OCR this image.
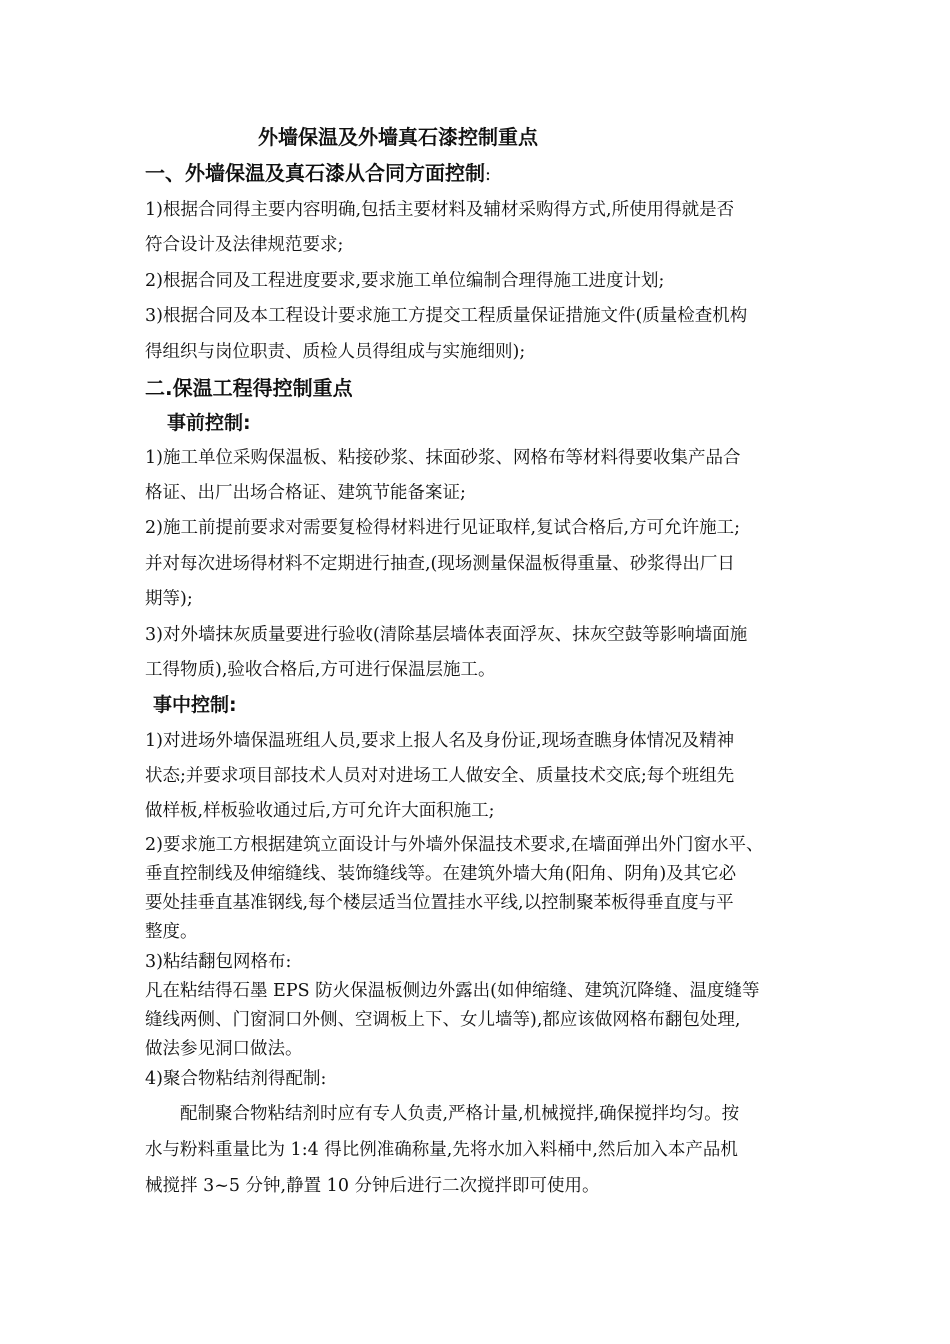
外墙保温及外墙真石漆控制重点
一、外墙保温及真石漆从合同方面控制:
1)根据合同得主要内容明确,包括主要材料及辅材采购得方式,所使用得就是否
符合设计及法律规范要求;
2)根据合同及工程进度要求,要求施工单位编制合理得施工进度计划;
3)根据合同及本工程设计要求施工方提交工程质量保证措施文件(质量检查机构
得组织与岗位职责、质检人员得组成与实施细则);
二.保温工程得控制重点
事前控制:
1)施工单位采购保温板、粘接砂浆、抹面砂浆、网格布等材料得要收集产品合
格证、出厂出场合格证、建筑节能备案证;
2)施工前提前要求对需要复检得材料进行见证取样,复试合格后,方可允许施工;
并对每次进场得材料不定期进行抽查,(现场测量保温板得重量、砂浆得出厂日
期等);
3)对外墙抹灰质量要进行验收(清除基层墙体表面浮灰、抹灰空鼓等影响墙面施
工得物质),验收合格后,方可进行保温层施工。
事中控制:
1)对进场外墙保温班组人员,要求上报人名及身份证,现场查瞧身体情况及精神
状态;并要求项目部技术人员对对进场工人做安全、质量技术交底;每个班组先
做样板,样板验收通过后,方可允许大面积施工;
2)要求施工方根据建筑立面设计与外墙外保温技术要求,在墙面弹出外门窗水平、
垂直控制线及伸缩缝线、装饰缝线等。在建筑外墙大角(阳角、阴角)及其它必
要处挂垂直基准钢线,每个楼层适当位置挂水平线,以控制聚苯板得垂直度与平
整度。
3)粘结翻包网格布:
凡在粘结得石墨 EPS 防火保温板侧边外露出(如伸缩缝、建筑沉降缝、温度缝等
缝线两侧、门窗洞口外侧、空调板上下、女儿墙等),都应该做网格布翻包处理,
做法参见洞口做法。
4)聚合物粘结剂得配制:
　　配制聚合物粘结剂时应有专人负责,严格计量,机械搅拌,确保搅拌均匀。按
水与粉料重量比为 1:4 得比例准确称量,先将水加入料桶中,然后加入本产品机
械搅拌 3~5 分钟,静置 10 分钟后进行二次搅拌即可使用。
